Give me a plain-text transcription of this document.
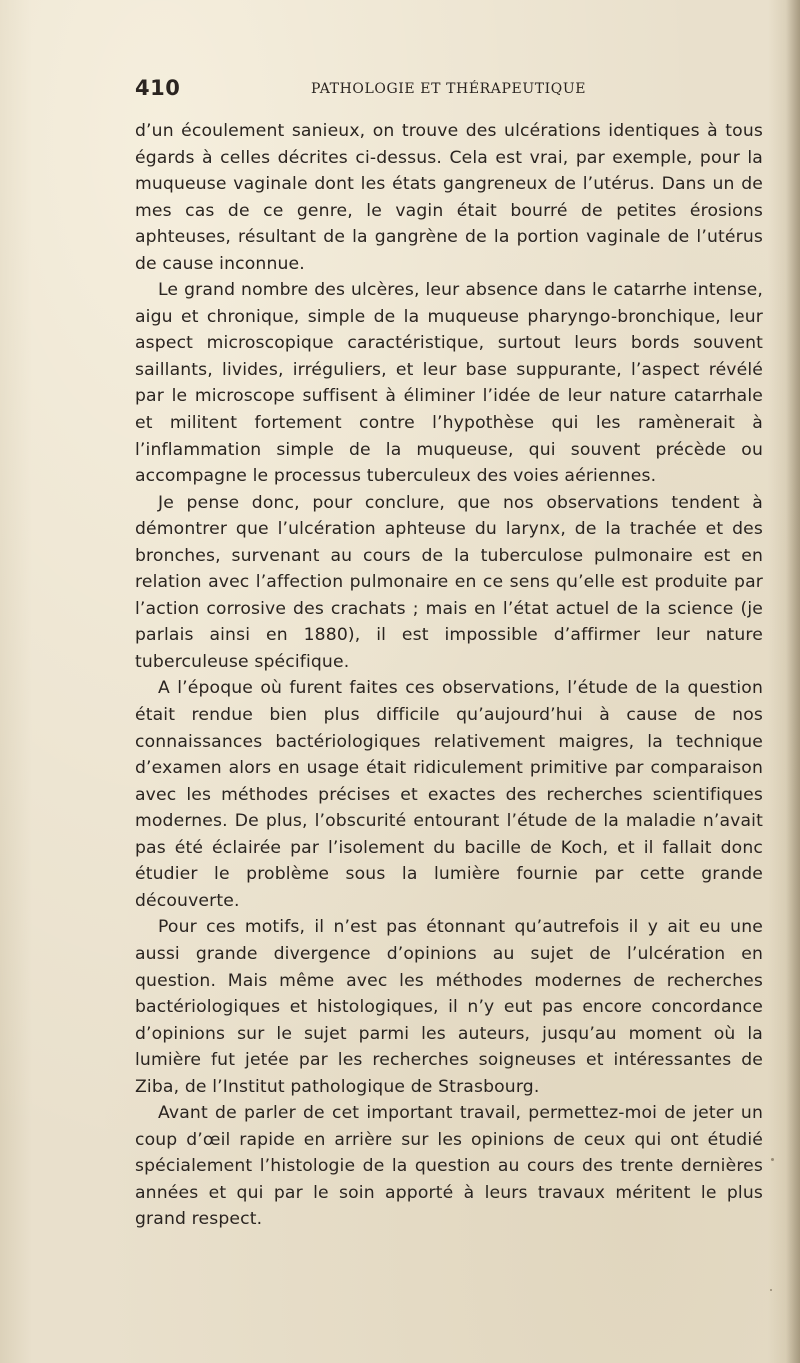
410	PATHOLOGIE ET THÉRAPEUTIQUE

d’un écoulement sanieux, on trouve des ulcérations identiques à tous égards à celles décrites ci-dessus. Cela est vrai, par exemple, pour la muqueuse vaginale dont les états gangreneux de l’utérus. Dans un de mes cas de ce genre, le vagin était bourré de petites érosions aphteuses, résultant de la gangrène de la portion vaginale de l’utérus de cause inconnue.

Le grand nombre des ulcères, leur absence dans le catarrhe intense, aigu et chronique, simple de la muqueuse pharyngo-bronchique, leur aspect microscopique caractéristique, surtout leurs bords souvent saillants, livides, irréguliers, et leur base suppurante, l’aspect révélé par le microscope suffisent à éliminer l’idée de leur nature catarrhale et militent fortement contre l’hypothèse qui les ramènerait à l’inflammation simple de la muqueuse, qui souvent précède ou accompagne le processus tuberculeux des voies aériennes.

Je pense donc, pour conclure, que nos observations tendent à démontrer que l’ulcération aphteuse du larynx, de la trachée et des bronches, survenant au cours de la tuberculose pulmonaire est en relation avec l’affection pulmonaire en ce sens qu’elle est produite par l’action corrosive des crachats ; mais en l’état actuel de la science (je parlais ainsi en 1880), il est impossible d’affirmer leur nature tuberculeuse spécifique.

A l’époque où furent faites ces observations, l’étude de la question était rendue bien plus difficile qu’aujourd’hui à cause de nos connaissances bactériologiques relativement maigres, la technique d’examen alors en usage était ridiculement primitive par comparaison avec les méthodes précises et exactes des recherches scientifiques modernes. De plus, l’obscurité entourant l’étude de la maladie n’avait pas été éclairée par l’isolement du bacille de Koch, et il fallait donc étudier le problème sous la lumière fournie par cette grande découverte.

Pour ces motifs, il n’est pas étonnant qu’autrefois il y ait eu une aussi grande divergence d’opinions au sujet de l’ulcération en question. Mais même avec les méthodes modernes de recherches bactériologiques et histologiques, il n’y eut pas encore concordance d’opinions sur le sujet parmi les auteurs, jusqu’au moment où la lumière fut jetée par les recherches soigneuses et intéressantes de Ziba, de l’Institut pathologique de Strasbourg.

Avant de parler de cet important travail, permettez-moi de jeter un coup d’œil rapide en arrière sur les opinions de ceux qui ont étudié spécialement l’histologie de la question au cours des trente dernières années et qui par le soin apporté à leurs travaux méritent le plus grand respect.
